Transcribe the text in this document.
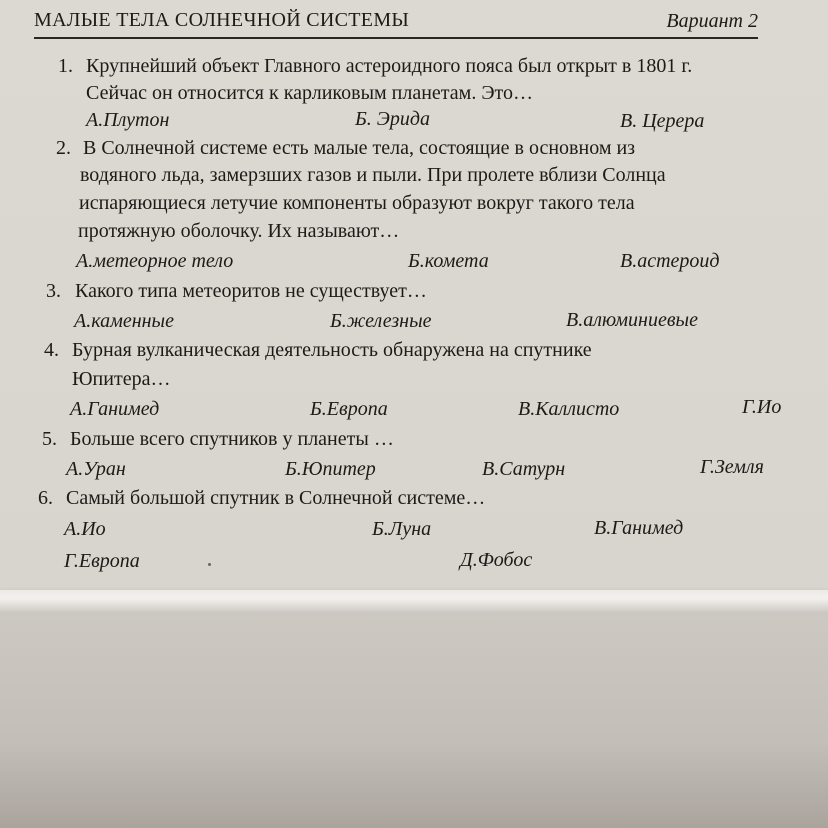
МАЛЫЕ ТЕЛА СОЛНЕЧНОЙ СИСТЕМЫ	Вариант 2
1. Крупнейший объект Главного астероидного пояса был открыт в 1801 г.
Сейчас он относится к карликовым планетам. Это…
А.Плутон	Б. Эрида	В. Церера
2. В Солнечной системе есть малые тела, состоящие в основном из
водяного льда, замерзших газов и пыли. При пролете вблизи Солнца
испаряющиеся летучие компоненты образуют вокруг такого тела
протяжную оболочку. Их называют…
А.метеорное тело	Б.комета	В.астероид
3. Какого типа метеоритов не существует…
А.каменные	Б.железные	В.алюминиевые
4. Бурная вулканическая деятельность обнаружена на спутнике
Юпитера…
А.Ганимед	Б.Европа	В.Каллисто	Г.Ио
5. Больше всего спутников у планеты …
А.Уран	Б.Юпитер	В.Сатурн	Г.Земля
6. Самый большой спутник в Солнечной системе…
А.Ио	Б.Луна	В.Ганимед
Г.Европа	Д.Фобос
